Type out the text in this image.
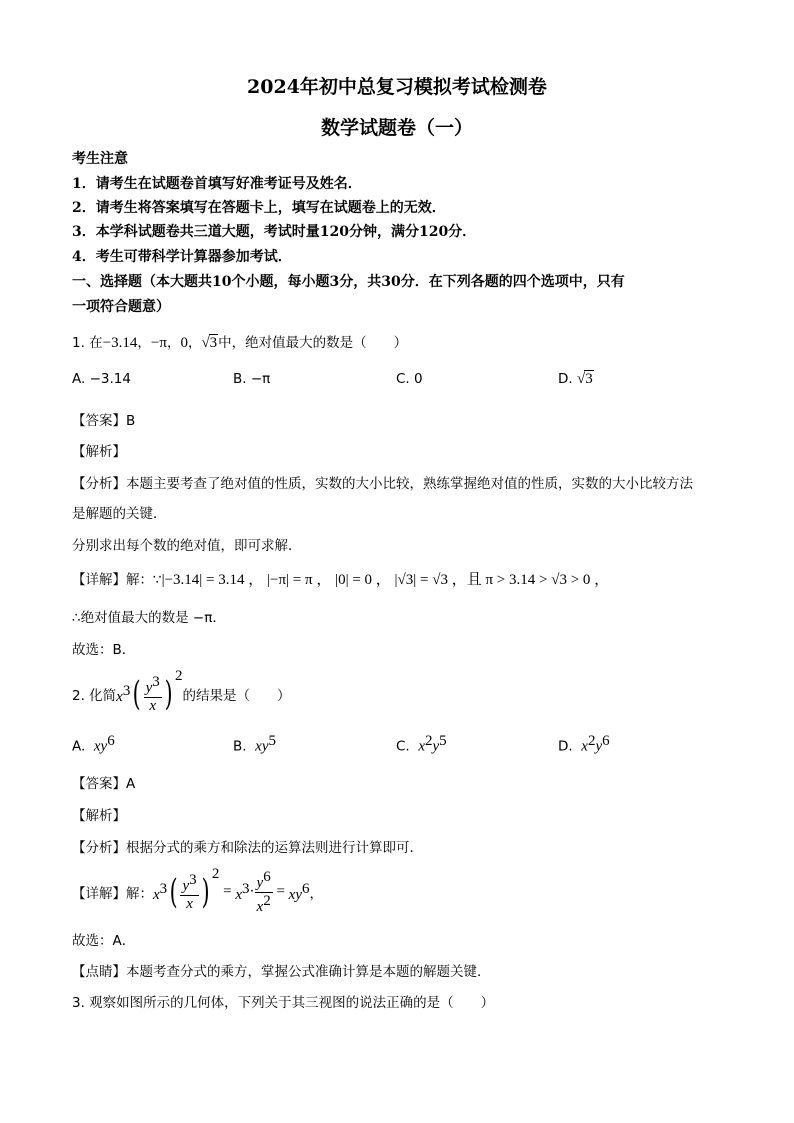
2024年初中总复习模拟考试检测卷
数学试题卷（一）
考生注意
1．请考生在试题卷首填写好准考证号及姓名．
2．请考生将答案填写在答题卡上，填写在试题卷上的无效．
3．本学科试题卷共三道大题，考试时量120分钟，满分120分．
4．考生可带科学计算器参加考试．
一、选择题（本大题共10个小题，每小题3分，共30分．在下列各题的四个选项中，只有
一项符合题意）
1. 在−3.14，−π，0，√3中，绝对值最大的数是（　　）
A. −3.14	B. −π	C. 0	D. √3
【答案】B
【解析】
【分析】本题主要考查了绝对值的性质，实数的大小比较，熟练掌握绝对值的性质，实数的大小比较方法
是解题的关键．
分别求出每个数的绝对值，即可求解．
【详解】解：∵|−3.14| = 3.14 ， |−π| = π ， |0| = 0 ， |√3| = √3 ，且 π > 3.14 > √3 > 0 ，
∴绝对值最大的数是 −π．
故选：B．
2. 化简$x^3( \frac{y^3}{x}$ ) $^2$的结果是（　　）
A. $xy^6$	B. $xy^5$	C. $x^2y^5$	D. $x^2y^6$
【答案】A
【解析】
【分析】根据分式的乘方和除法的运算法则进行计算即可．
【详解】解：$x^3( \frac{y^3}{x}$ ) $^2 = x^3\cdot \frac{y^6}{x^2} = xy^6$，
故选：A．
【点睛】本题考查分式的乘方，掌握公式准确计算是本题的解题关键．
3. 观察如图所示的几何体，下列关于其三视图的说法正确的是（　　）
